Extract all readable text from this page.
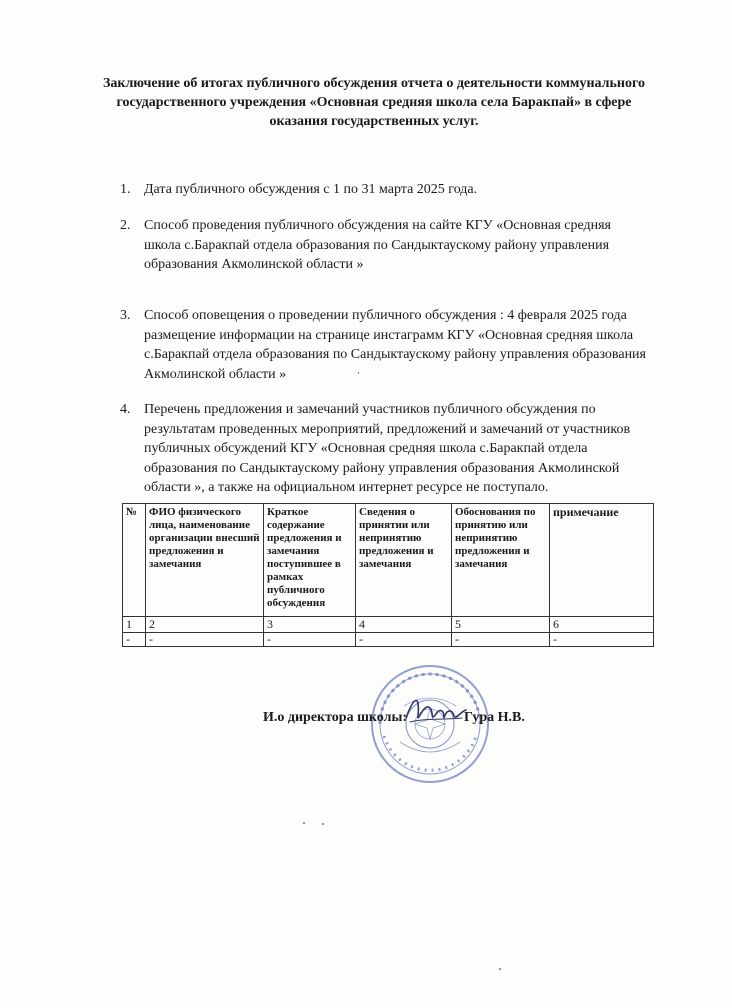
Заключение об итогах публичного обсуждения отчета о деятельности коммунального
государственного учреждения «Основная средняя школа села Баракпай» в сфере
оказания государственных услуг.
1. Дата публичного обсуждения с 1 по 31 марта 2025 года.
2. Способ проведения публичного обсуждения на сайте КГУ «Основная средняя
школа с.Баракпай отдела образования по Сандыктаускому району управления
образования Акмолинской области »
3. Способ оповещения о проведении публичного обсуждения : 4 февраля 2025 года
размещение информации на странице инстаграмм КГУ «Основная средняя школа
с.Баракпай отдела образования по Сандыктаускому району управления образования
Акмолинской области »
4. Перечень предложения и замечаний участников публичного обсуждения по
результатам проведенных мероприятий, предложений и замечаний от участников
публичных обсуждений КГУ «Основная средняя школа с.Баракпай отдела
образования по Сандыктаускому району управления образования Акмолинской
области », а также на официальном интернет ресурсе не поступало.
№	ФИО физического лица, наименование организации внесший предложения и замечания	Краткое содержание предложения и замечания поступившее в рамках публичного обсуждения	Сведения о принятии или непринятию предложения и замечания	Обоснования по принятию или непринятию предложения и замечания	примечание
1	2	3	4	5	6
-	-	-	-	-	-
И.о директора школы:	Гура Н.В.
